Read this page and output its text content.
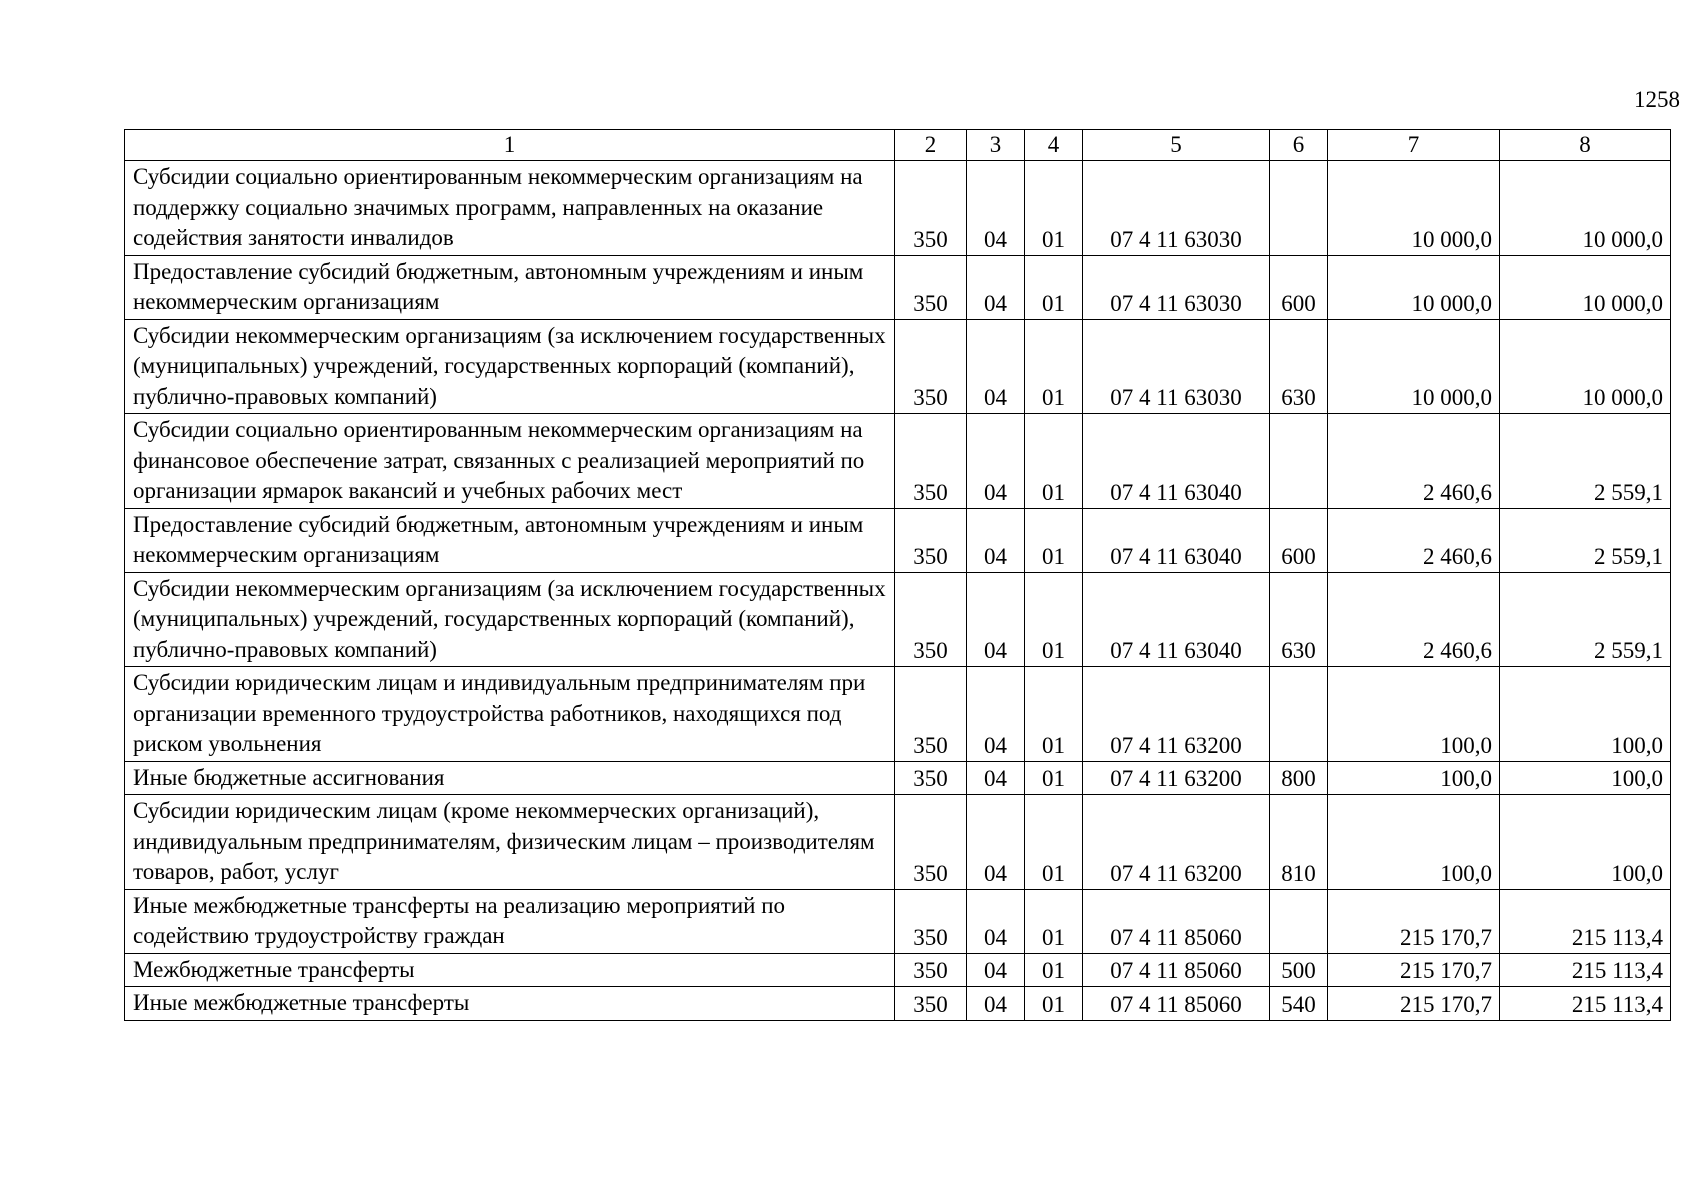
1258
1	2	3	4	5	6	7	8
Субсидии социально ориентированным некоммерческим организациям на поддержку социально значимых программ, направленных на оказание содействия занятости инвалидов	350	04	01	07 4 11 63030		10 000,0	10 000,0
Предоставление субсидий бюджетным, автономным учреждениям и иным некоммерческим организациям	350	04	01	07 4 11 63030	600	10 000,0	10 000,0
Субсидии некоммерческим организациям (за исключением государственных (муниципальных) учреждений, государственных корпораций (компаний), публично-правовых компаний)	350	04	01	07 4 11 63030	630	10 000,0	10 000,0
Субсидии социально ориентированным некоммерческим организациям на финансовое обеспечение затрат, связанных с реализацией мероприятий по организации ярмарок вакансий и учебных рабочих мест	350	04	01	07 4 11 63040		2 460,6	2 559,1
Предоставление субсидий бюджетным, автономным учреждениям и иным некоммерческим организациям	350	04	01	07 4 11 63040	600	2 460,6	2 559,1
Субсидии некоммерческим организациям (за исключением государственных (муниципальных) учреждений, государственных корпораций (компаний), публично-правовых компаний)	350	04	01	07 4 11 63040	630	2 460,6	2 559,1
Субсидии юридическим лицам и индивидуальным предпринимателям при организации временного трудоустройства работников, находящихся под риском увольнения	350	04	01	07 4 11 63200		100,0	100,0
Иные бюджетные ассигнования	350	04	01	07 4 11 63200	800	100,0	100,0
Субсидии юридическим лицам (кроме некоммерческих организаций), индивидуальным предпринимателям, физическим лицам – производителям товаров, работ, услуг	350	04	01	07 4 11 63200	810	100,0	100,0
Иные межбюджетные трансферты на реализацию мероприятий по содействию трудоустройству граждан	350	04	01	07 4 11 85060		215 170,7	215 113,4
Межбюджетные трансферты	350	04	01	07 4 11 85060	500	215 170,7	215 113,4
Иные межбюджетные трансферты	350	04	01	07 4 11 85060	540	215 170,7	215 113,4
